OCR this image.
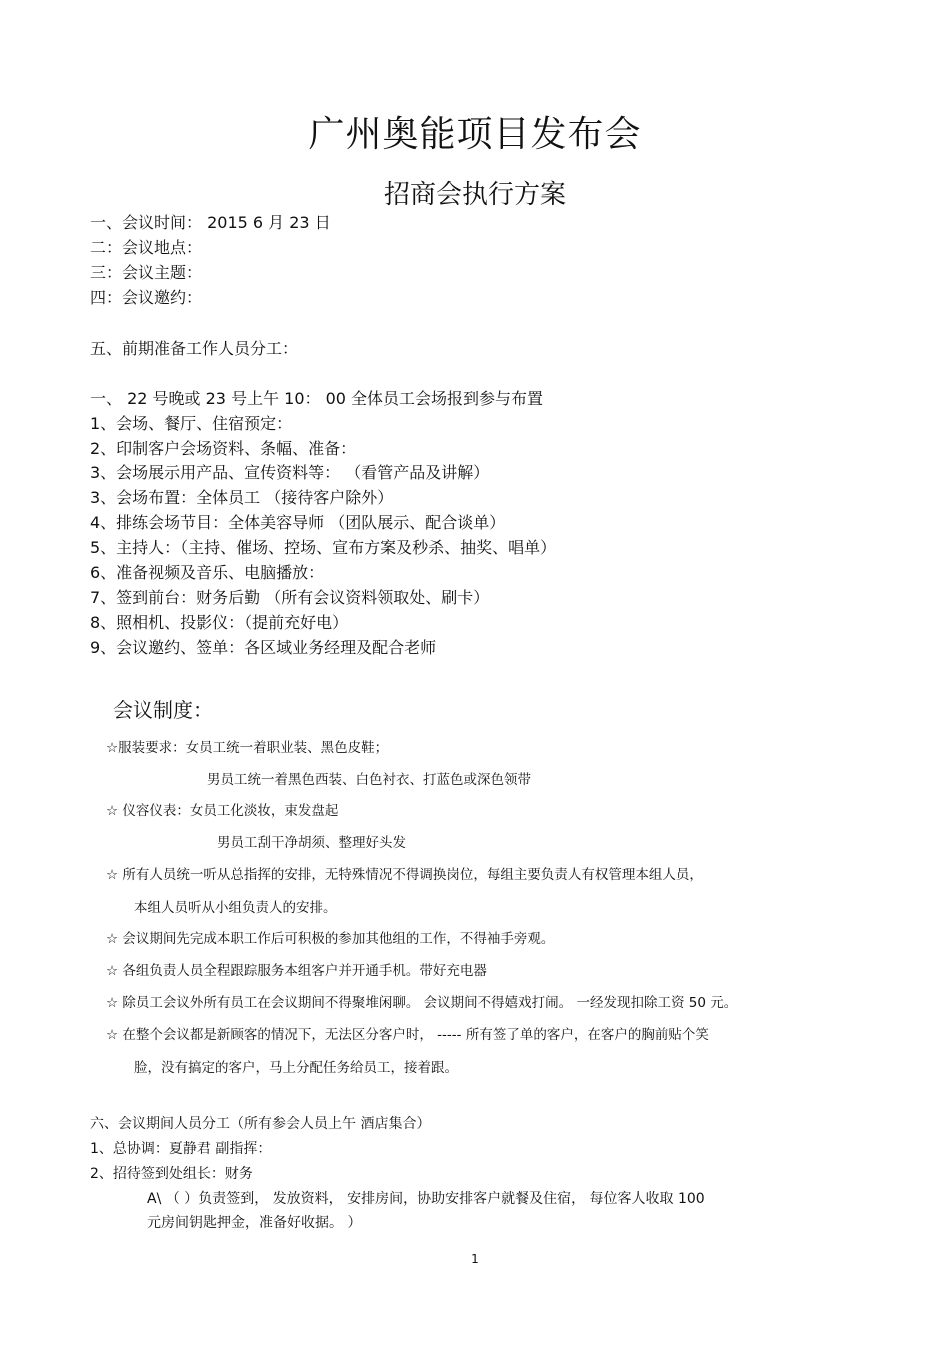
广州奥能项目发布会
招商会执行方案
一、会议时间： 2015 6 月 23 日
二：会议地点：
三：会议主题：
四：会议邀约：
五、前期准备工作人员分工：
一、 22 号晚或 23 号上午 10： 00 全体员工会场报到参与布置
1、会场、餐厅、住宿预定：
2、印制客户会场资料、条幅、准备：
3、会场展示用产品、宣传资料等： （看管产品及讲解）
3、会场布置：全体员工 （接待客户除外）
4、排练会场节目：全体美容导师 （团队展示、配合谈单）
5、主持人：（主持、催场、控场、宣布方案及秒杀、抽奖、唱单）
6、准备视频及音乐、电脑播放：
7、签到前台：财务后勤 （所有会议资料领取处、刷卡）
8、照相机、投影仪：（提前充好电）
9、会议邀约、签单：各区域业务经理及配合老师
会议制度：
☆服装要求：女员工统一着职业装、黑色皮鞋；
男员工统一着黑色西装、白色衬衣、打蓝色或深色领带
☆ 仪容仪表：女员工化淡妆，束发盘起
男员工刮干净胡须、整理好头发
☆ 所有人员统一听从总指挥的安排，无特殊情况不得调换岗位，每组主要负责人有权管理本组人员，
本组人员听从小组负责人的安排。
☆ 会议期间先完成本职工作后可积极的参加其他组的工作，不得袖手旁观。
☆ 各组负责人员全程跟踪服务本组客户并开通手机。带好充电器
☆ 除员工会议外所有员工在会议期间不得聚堆闲聊。 会议期间不得嬉戏打闹。 一经发现扣除工资 50 元。
☆ 在整个会议都是新顾客的情况下，无法区分客户时， ----- 所有签了单的客户，在客户的胸前贴个笑
脸，没有搞定的客户，马上分配任务给员工，接着跟。
六、会议期间人员分工（所有参会人员上午 酒店集合）
1、总协调：夏静君 副指挥：
2、招待签到处组长：财务
A\ （ ）负责签到， 发放资料， 安排房间，协助安排客户就餐及住宿， 每位客人收取 100
元房间钥匙押金，准备好收据。 ）
1
